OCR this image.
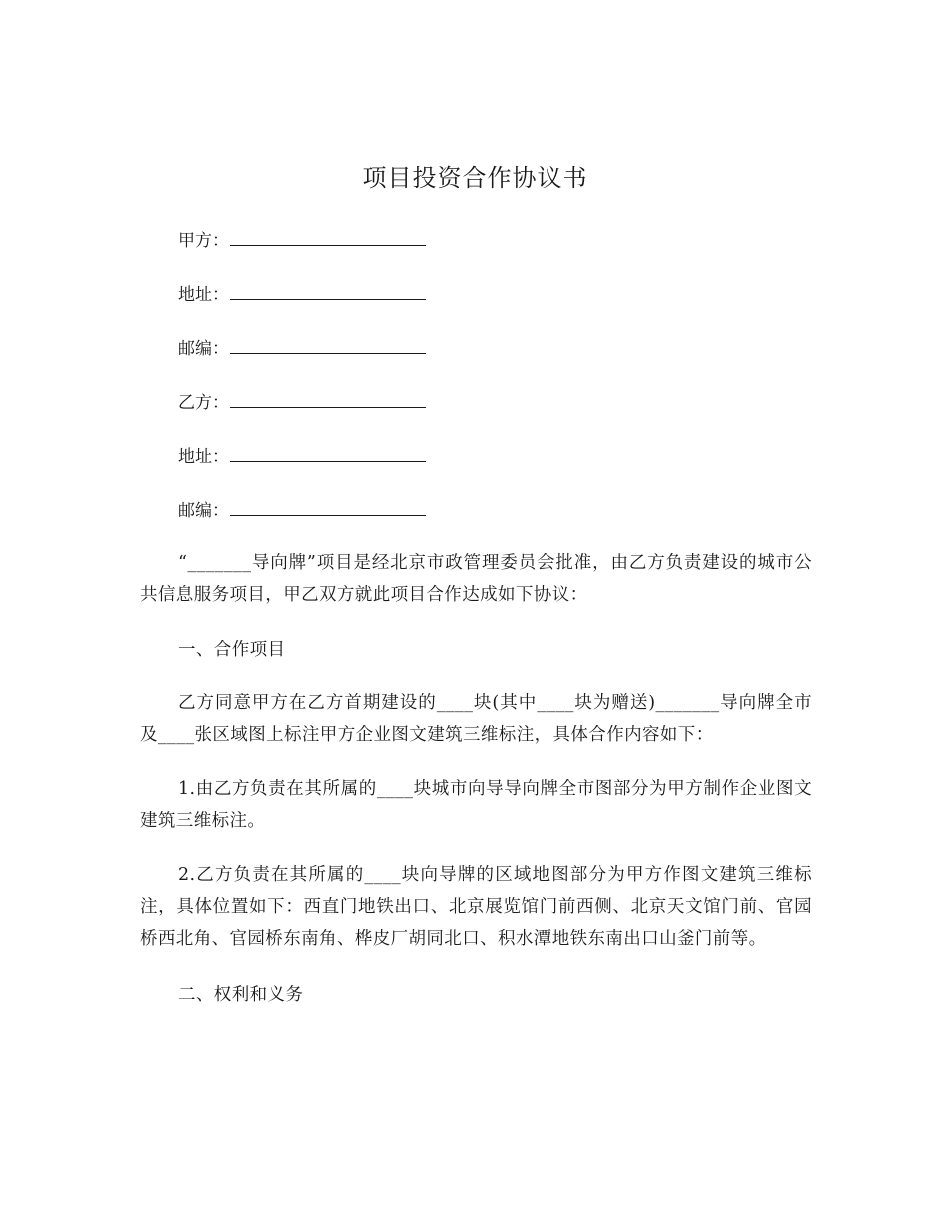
项目投资合作协议书
甲方：
地址：
邮编：
乙方：
地址：
邮编：
“_______导向牌”项目是经北京市政管理委员会批准，由乙方负责建设的城市公共信息服务项目，甲乙双方就此项目合作达成如下协议：
一、合作项目
乙方同意甲方在乙方首期建设的____块(其中____块为赠送)_______导向牌全市及____张区域图上标注甲方企业图文建筑三维标注，具体合作内容如下：
1.由乙方负责在其所属的____块城市向导导向牌全市图部分为甲方制作企业图文建筑三维标注。
2.乙方负责在其所属的____块向导牌的区域地图部分为甲方作图文建筑三维标注，具体位置如下：西直门地铁出口、北京展览馆门前西侧、北京天文馆门前、官园桥西北角、官园桥东南角、桦皮厂胡同北口、积水潭地铁东南出口山釜门前等。
二、权利和义务
